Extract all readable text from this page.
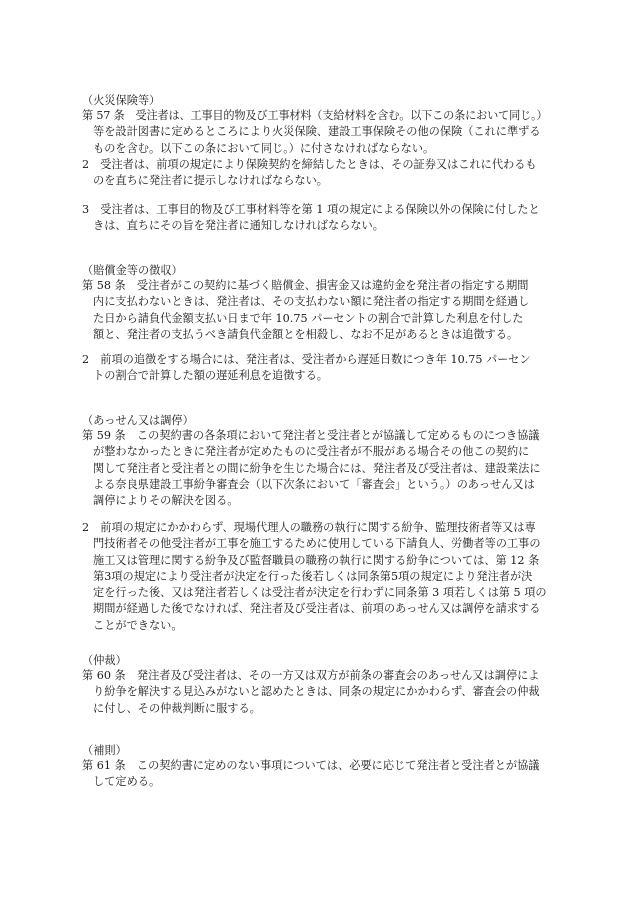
（火災保険等）
第 57 条　受注者は、工事目的物及び工事材料（支給材料を含む。以下この条において同じ。）
等を設計図書に定めるところにより火災保険、建設工事保険その他の保険（これに準ずる
ものを含む。以下この条において同じ。）に付さなければならない。
2　受注者は、前項の規定により保険契約を締結したときは、その証券又はこれに代わるも
のを直ちに発注者に提示しなければならない。
3　受注者は、工事目的物及び工事材料等を第 1 項の規定による保険以外の保険に付したと
きは、直ちにその旨を発注者に通知しなければならない。
（賠償金等の徴収）
第 58 条　受注者がこの契約に基づく賠償金、損害金又は違約金を発注者の指定する期間
内に支払わないときは、発注者は、その支払わない額に発注者の指定する期間を経過し
た日から請負代金額支払い日まで年 10.75 パーセントの割合で計算した利息を付した
額と、発注者の支払うべき請負代金額とを相殺し、なお不足があるときは追徴する。
2　前項の追徴をする場合には、発注者は、受注者から遅延日数につき年 10.75 パーセン
トの割合で計算した額の遅延利息を追徴する。
（あっせん又は調停）
第 59 条　この契約書の各条項において発注者と受注者とが協議して定めるものにつき協議
が整わなかったときに発注者が定めたものに受注者が不服がある場合その他この契約に
関して発注者と受注者との間に紛争を生じた場合には、発注者及び受注者は、建設業法に
よる奈良県建設工事紛争審査会（以下次条において「審査会」という。）のあっせん又は
調停によりその解決を図る。
2　前項の規定にかかわらず、現場代理人の職務の執行に関する紛争、監理技術者等又は専
門技術者その他受注者が工事を施工するために使用している下請負人、労働者等の工事の
施工又は管理に関する紛争及び監督職員の職務の執行に関する紛争については、第 12 条
第3項の規定により受注者が決定を行った後若しくは同条第5項の規定により発注者が決
定を行った後、又は発注者若しくは受注者が決定を行わずに同条第 3 項若しくは第 5 項の
期間が経過した後でなければ、発注者及び受注者は、前項のあっせん又は調停を請求する
ことができない。
（仲裁）
第 60 条　発注者及び受注者は、その一方又は双方が前条の審査会のあっせん又は調停によ
り紛争を解決する見込みがないと認めたときは、同条の規定にかかわらず、審査会の仲裁
に付し、その仲裁判断に服する。
（補則）
第 61 条　この契約書に定めのない事項については、必要に応じて発注者と受注者とが協議
して定める。
